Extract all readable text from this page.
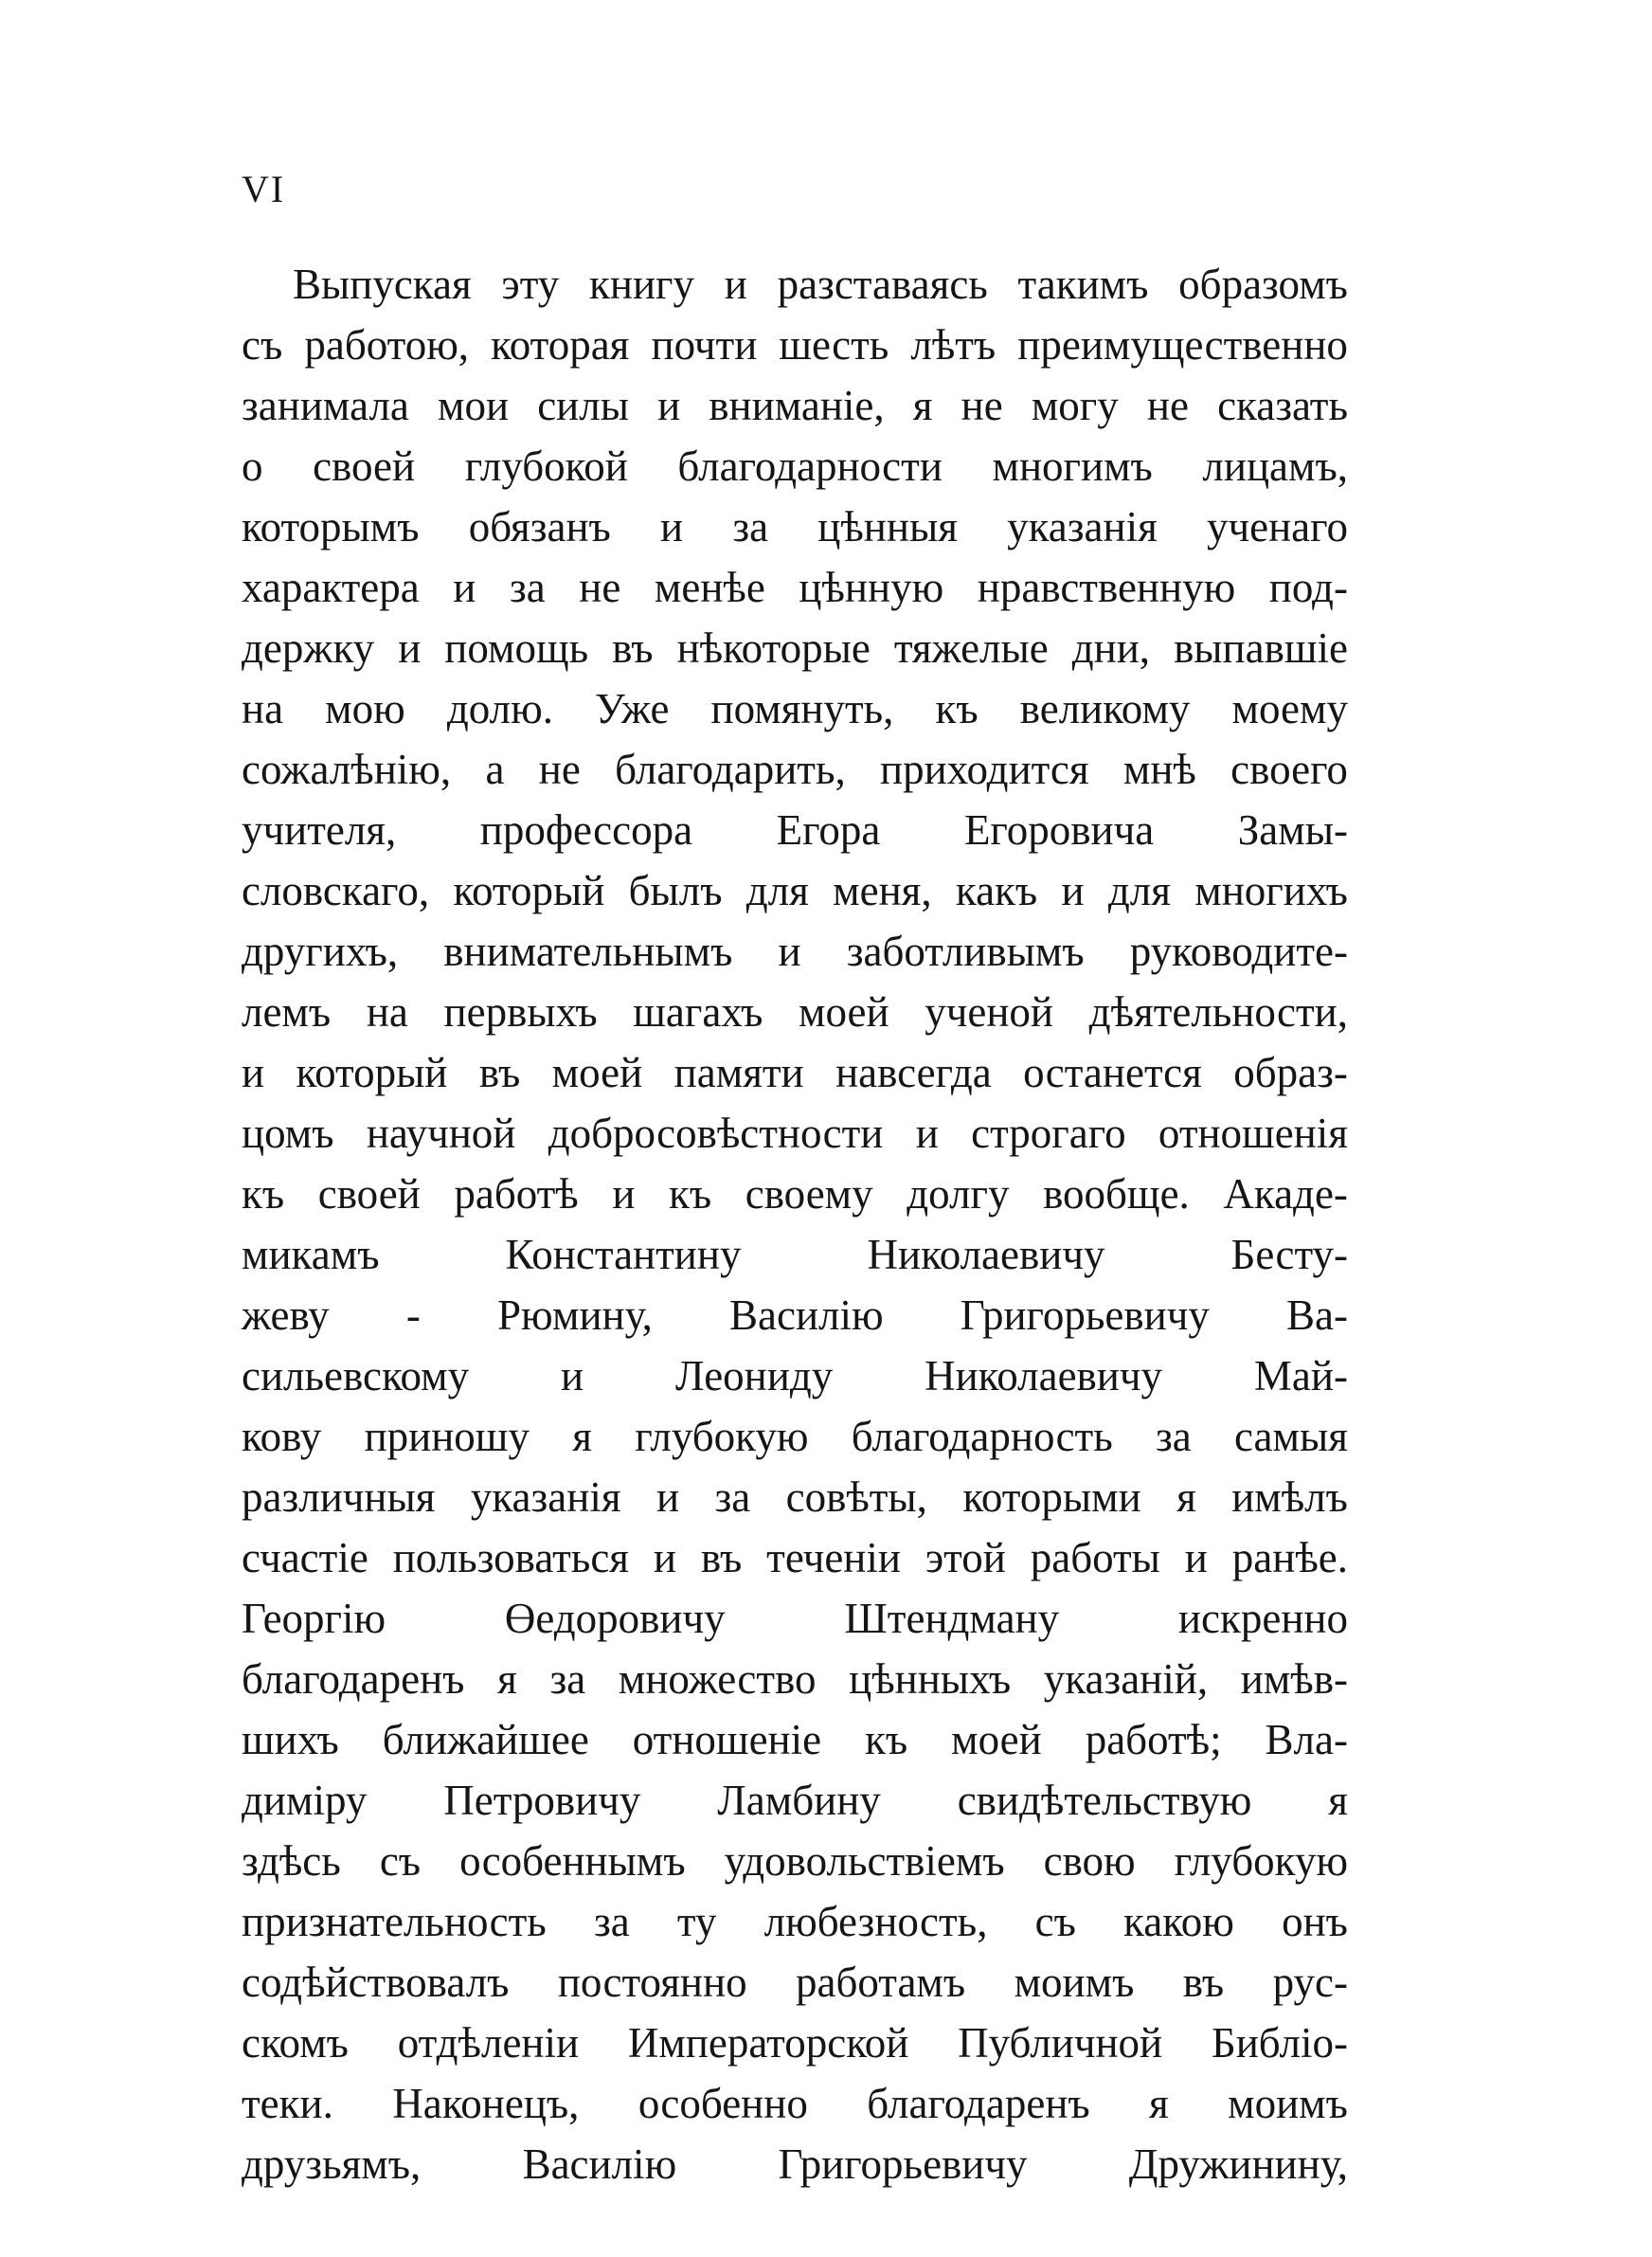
VI
Выпуская эту книгу и разставаясь такимъ образомъ
съ работою, которая почти шесть лѣтъ преимущественно
занимала мои силы и вниманіе, я не могу не сказать
о своей глубокой благодарности многимъ лицамъ,
которымъ обязанъ и за цѣнныя указанія ученаго
характера и за не менѣе цѣнную нравственную под-
держку и помощь въ нѣкоторые тяжелые дни, выпавшіе
на мою долю. Уже помянуть, къ великому моему
сожалѣнію, а не благодарить, приходится мнѣ своего
учителя, профессора Егора Егоровича Замы-
словскаго, который былъ для меня, какъ и для многихъ
другихъ, внимательнымъ и заботливымъ руководите-
лемъ на первыхъ шагахъ моей ученой дѣятельности,
и который въ моей памяти навсегда останется образ-
цомъ научной добросовѣстности и строгаго отношенія
къ своей работѣ и къ своему долгу вообще. Акаде-
микамъ	Константину	Николаевичу	Бесту-
жеву - Рюмину, Василію Григорьевичу Ва-
сильевскому и Леониду Николаевичу Май-
кову приношу я глубокую благодарность за самыя
различныя указанія и за совѣты, которыми я имѣлъ
счастіе пользоваться и въ теченіи этой работы и ранѣе.
Георгію	Өедоровичу	Штендману	искренно
благодаренъ я за множество цѣнныхъ указаній, имѣв-
шихъ ближайшее отношеніе къ моей работѣ; Вла-
диміру Петровичу Ламбину свидѣтельствую я
здѣсь съ особеннымъ удовольствіемъ свою глубокую
признательность за ту любезность, съ какою онъ
содѣйствовалъ постоянно работамъ моимъ въ рус-
скомъ отдѣленіи Императорской Публичной Библіо-
теки. Наконецъ, особенно благодаренъ я моимъ
друзьямъ, Василію Григорьевичу Дружинину,
